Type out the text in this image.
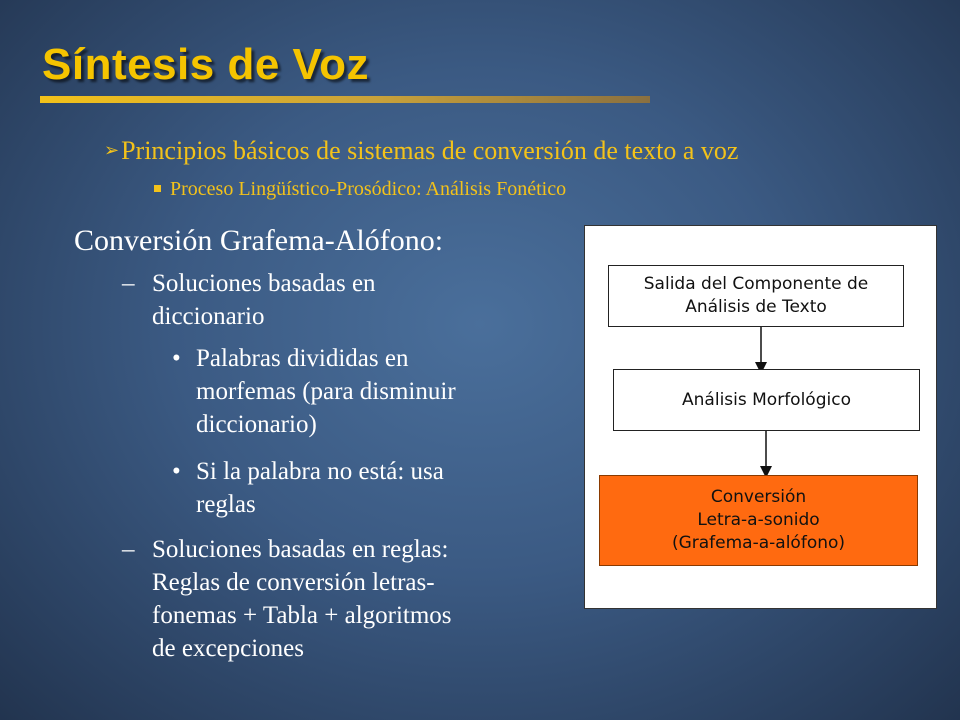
Síntesis de Voz
➢Principios básicos de sistemas de conversión de texto a voz
Proceso Lingüístico-Prosódico: Análisis Fonético
Conversión Grafema-Alófono:
– Soluciones basadas en
diccionario
• Palabras divididas en
morfemas (para disminuir
diccionario)
• Si la palabra no está: usa
reglas
– Soluciones basadas en reglas:
Reglas de conversión letras-
fonemas + Tabla + algoritmos
de excepciones
Salida del Componente de
Análisis de Texto
Análisis Morfológico
Conversión
Letra-a-sonido
(Grafema-a-alófono)
